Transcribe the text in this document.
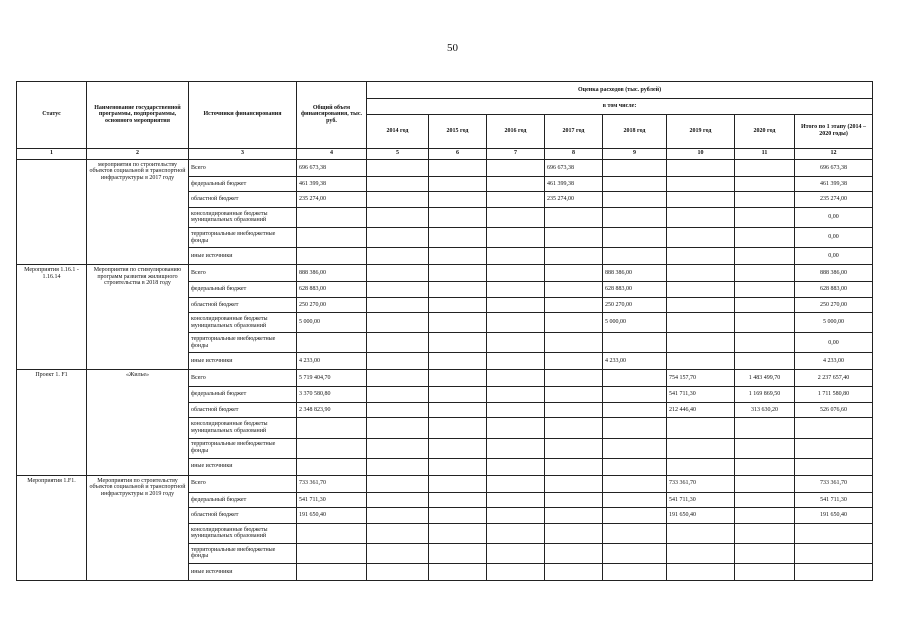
50
Статус	Наименование государственной программы, подпрограммы, основного мероприятия	Источники финансирования	Общий объем финансирования, тыс. руб.	Оценка расходов (тыс. рублей)							
				в том числе:							
				2014 год	2015 год	2016 год	2017 год	2018 год	2019 год	2020 год	Итого по 1 этапу (2014 – 2020 годы)
1	2	3	4	5	6	7	8	9	10	11	12
	мероприятия по строительству объектов социальной и транспортной инфраструктуры в 2017 году	Всего	696 673,38				696 673,38				696 673,38
		федеральный бюджет	461 399,38				461 399,38				461 399,38
		областной бюджет	235 274,00				235 274,00				235 274,00
		консолидированные бюджеты муниципальных образований									0,00
		территориальные внебюджетные фонды									0,00
		иные источники									0,00
Мероприятия 1.16.1 - 1.16.14	Мероприятия по стимулированию программ развития жилищного строительства в 2018 году	Всего	888 386,00					888 386,00			888 386,00
		федеральный бюджет	628 883,00					628 883,00			628 883,00
		областной бюджет	250 270,00					250 270,00			250 270,00
		консолидированные бюджеты муниципальных образований	5 000,00					5 000,00			5 000,00
		территориальные внебюджетные фонды									0,00
		иные источники	4 233,00					4 233,00			4 233,00
Проект 1. F1	«Жилье»	Всего	5 719 404,70						754 157,70	1 483 499,70	2 237 657,40
		федеральный бюджет	3 370 580,80						541 711,30	1 169 869,50	1 711 580,80
		областной бюджет	2 348 823,90						212 446,40	313 630,20	526 076,60
		консолидированные бюджеты муниципальных образований									
		территориальные внебюджетные фонды									
		иные источники									
Мероприятия 1.F1.	Мероприятия по строительству объектов социальной и транспортной инфраструктуры в 2019 году	Всего	733 361,70						733 361,70		733 361,70
		федеральный бюджет	541 711,30						541 711,30		541 711,30
		областной бюджет	191 650,40						191 650,40		191 650,40
		консолидированные бюджеты муниципальных образований									
		территориальные внебюджетные фонды									
		иные источники									
